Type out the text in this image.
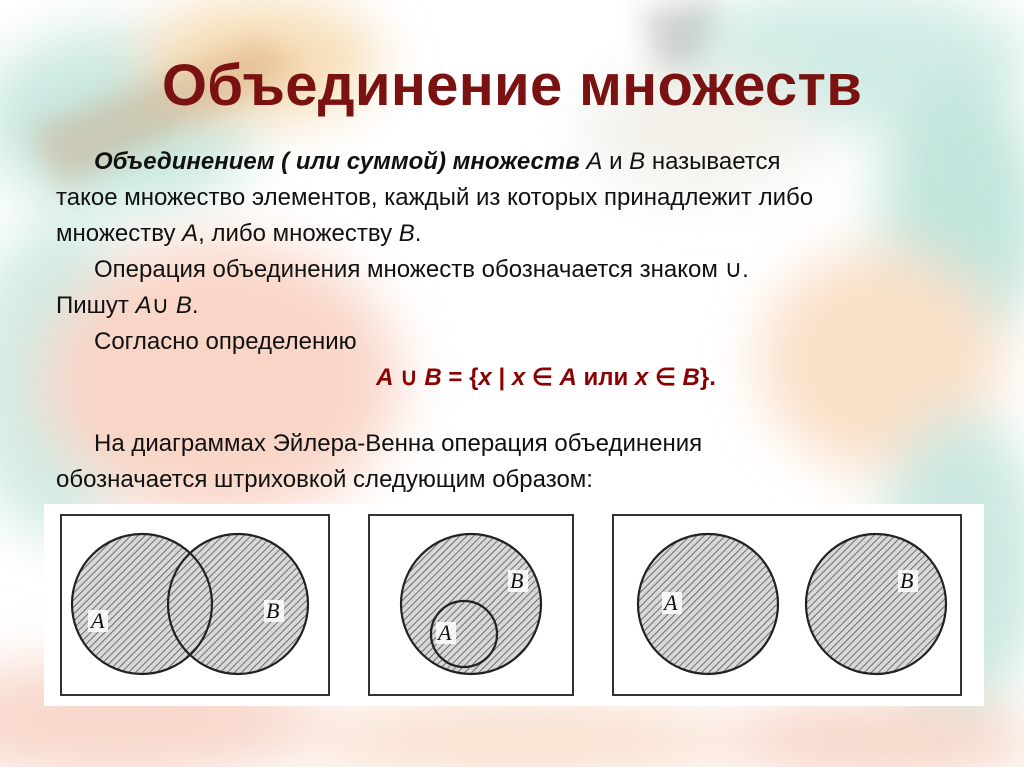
Объединение множеств

Объединением ( или суммой) множеств A и B называется

такое множество элементов, каждый из которых принадлежит либо

множеству A, либо множеству B.

Операция объединения множеств обозначается знаком ∪.

Пишут A∪ B.

Согласно определению

A ∪ B = {x | x ∈ A или x ∈ B}.

На диаграммах Эйлера-Венна операция объединения

обозначается штриховкой следующим образом:

A	B
B
A
A
B
